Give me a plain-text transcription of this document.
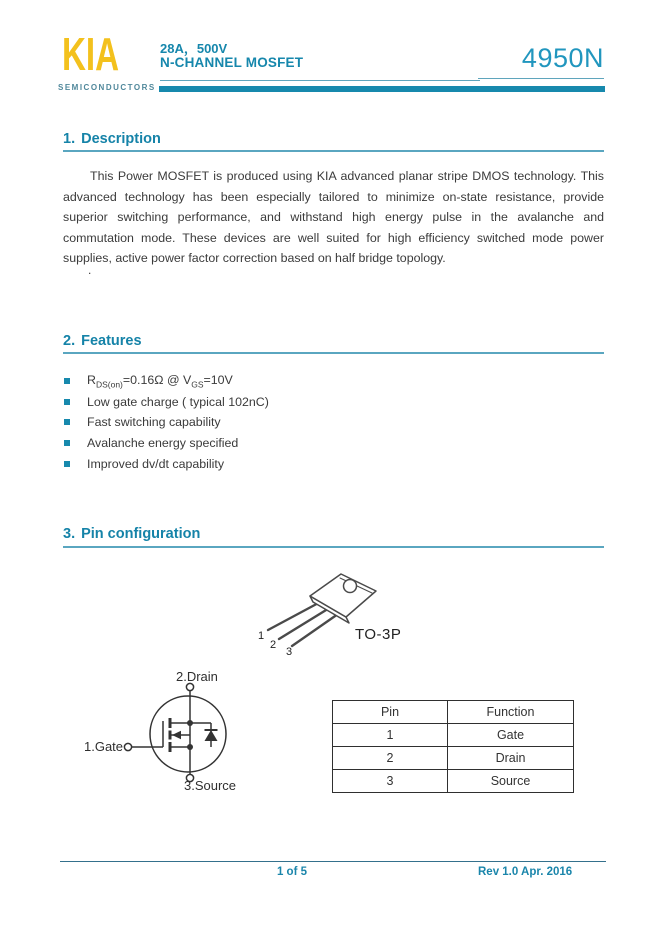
KIA
SEMICONDUCTORS
28A，500V
N-CHANNEL MOSFET	4950N
1. Description

This Power MOSFET is produced using KIA advanced planar stripe DMOS technology. This advanced technology has been especially tailored to minimize on-state resistance, provide superior switching performance, and withstand high energy pulse in the avalanche and commutation mode. These devices are well suited for high efficiency switched mode power supplies, active power factor correction based on half bridge topology.

.
2. Features
$R_{DS(on)}=0.16\Omega$ @ $V_{GS}=10V$
Low gate charge ( typical 102nC)
Fast switching capability
Avalanche energy specified
Improved dv/dt capability
3. Pin configuration
1
2
3
TO-3P
2.Drain
1.Gate
3.Source
Pin	Function
1	Gate
2	Drain
3	Source
1 of 5	Rev 1.0 Apr. 2016
